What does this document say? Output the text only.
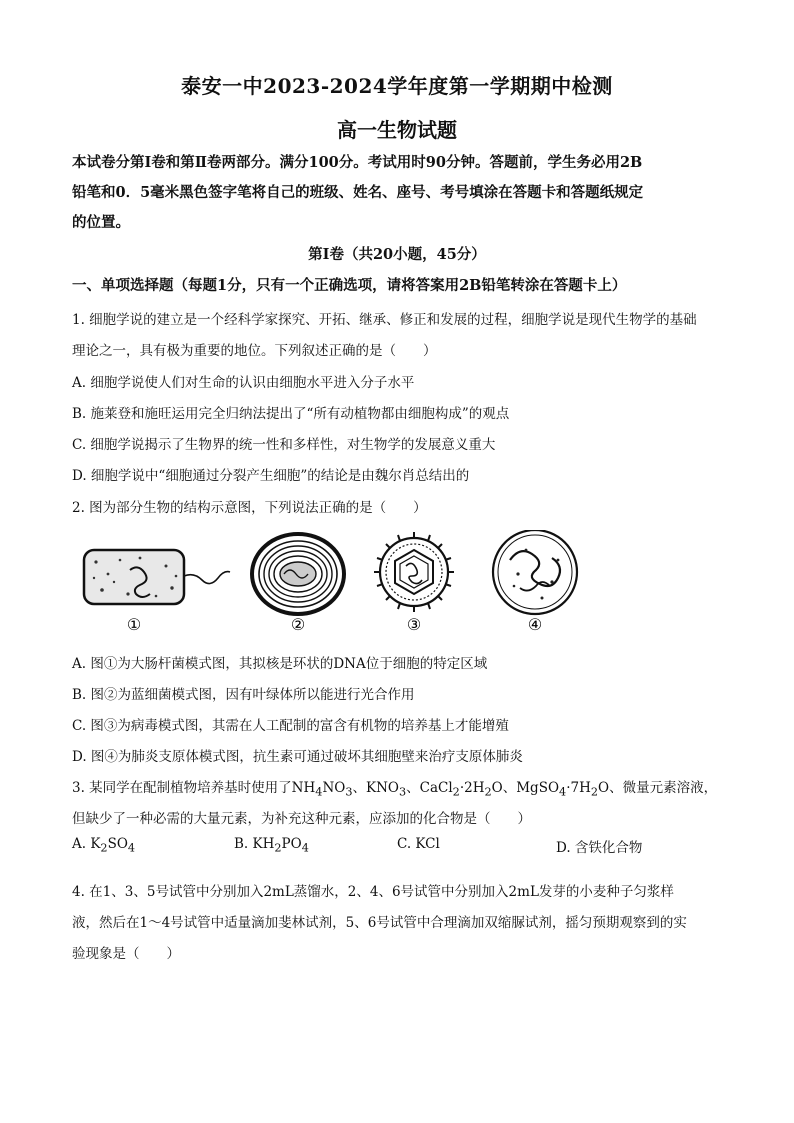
泰安一中2023-2024学年度第一学期期中检测
高一生物试题
本试卷分第Ⅰ卷和第Ⅱ卷两部分。满分100分。考试用时90分钟。答题前，学生务必用2B
铅笔和0．5毫米黑色签字笔将自己的班级、姓名、座号、考号填涂在答题卡和答题纸规定
的位置。
第Ⅰ卷（共20小题，45分）
一、单项选择题（每题1分，只有一个正确选项，请将答案用2B铅笔转涂在答题卡上）
1. 细胞学说的建立是一个经科学家探究、开拓、继承、修正和发展的过程，细胞学说是现代生物学的基础
理论之一，具有极为重要的地位。下列叙述正确的是（　　）
A. 细胞学说使人们对生命的认识由细胞水平进入分子水平
B. 施莱登和施旺运用完全归纳法提出了“所有动植物都由细胞构成”的观点
C. 细胞学说揭示了生物界的统一性和多样性，对生物学的发展意义重大
D. 细胞学说中“细胞通过分裂产生细胞”的结论是由魏尔肖总结出的
2. 图为部分生物的结构示意图，下列说法正确的是（　　）
①	②	③	④
A. 图①为大肠杆菌模式图，其拟核是环状的DNA位于细胞的特定区域
B. 图②为蓝细菌模式图，因有叶绿体所以能进行光合作用
C. 图③为病毒模式图，其需在人工配制的富含有机物的培养基上才能增殖
D. 图④为肺炎支原体模式图，抗生素可通过破坏其细胞壁来治疗支原体肺炎
3. 某同学在配制植物培养基时使用了$NH_4NO_3$、$KNO_3$、$CaCl_2\cdot 2H_2O$、$MgSO_4\cdot 7H_2O$、微量元素溶液，
但缺少了一种必需的大量元素，为补充这种元素，应添加的化合物是（　　）
A. $K_2SO_4$	B. $KH_2PO_4$	C. KCl	D. 含铁化合物
4. 在1、3、5号试管中分别加入2mL蒸馏水，2、4、6号试管中分别加入2mL发芽的小麦种子匀浆样
液，然后在1～4号试管中适量滴加斐林试剂，5、6号试管中合理滴加双缩脲试剂，摇匀预期观察到的实
验现象是（　　）
